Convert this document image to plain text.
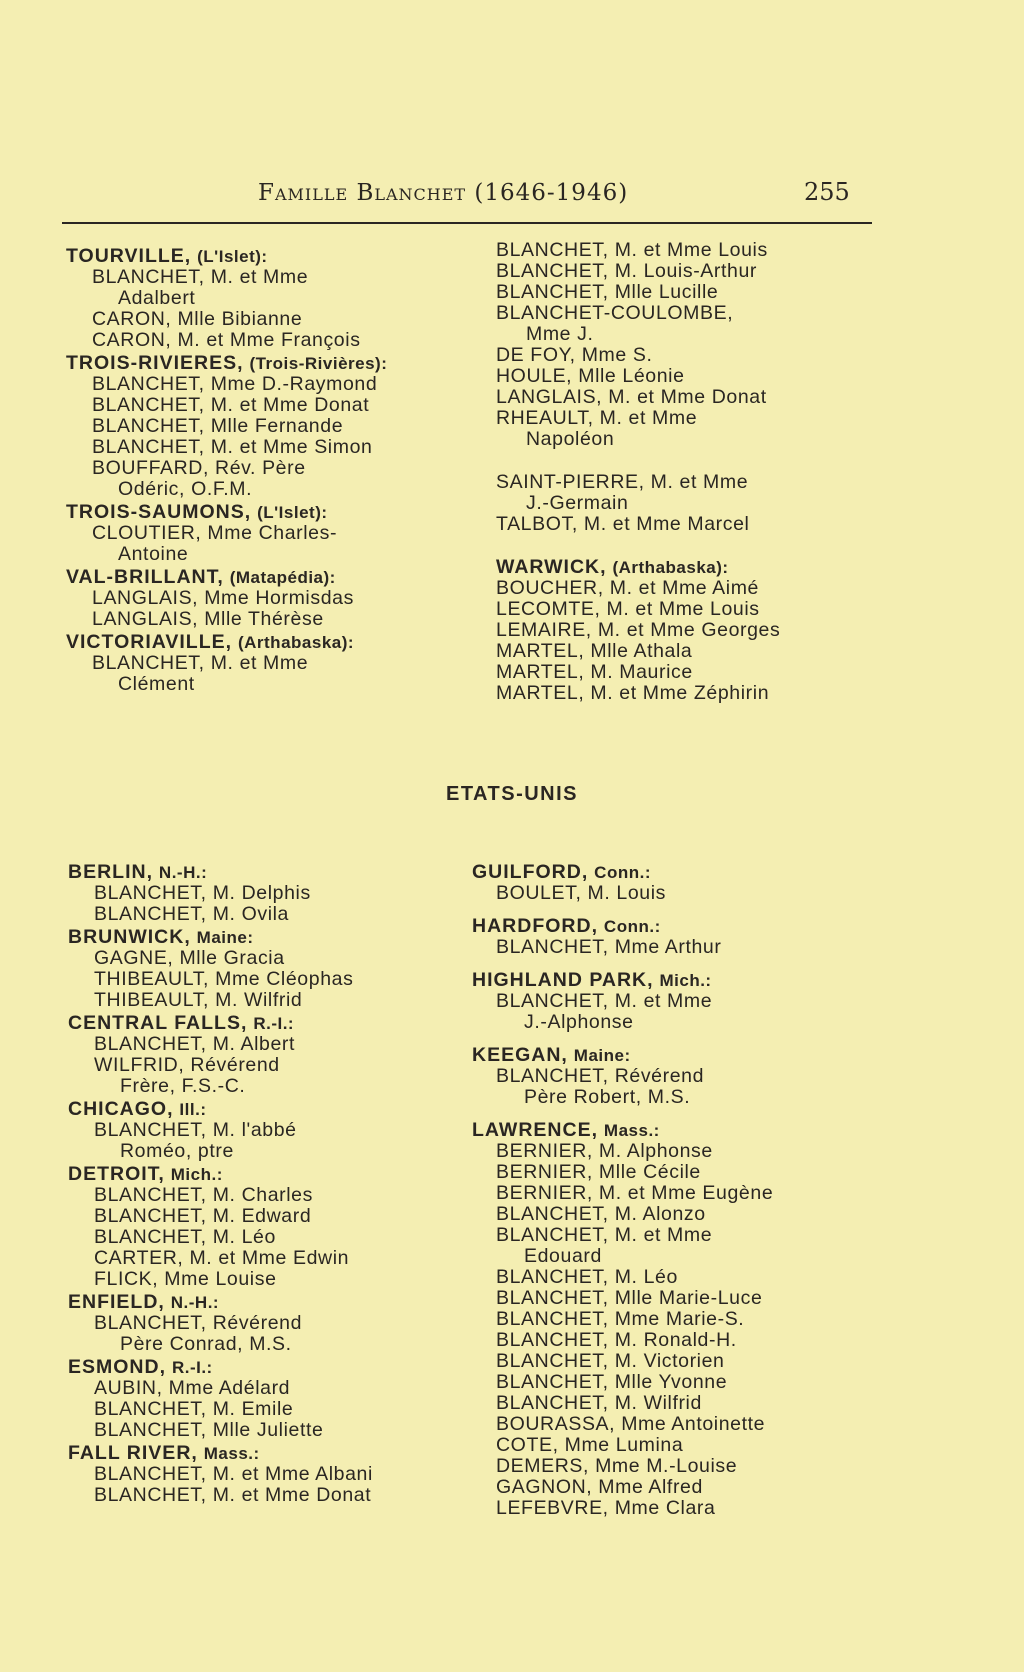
Famille Blanchet (1646-1946)	255
TOURVILLE, (L'Islet):
BLANCHET, M. et Mme
Adalbert
CARON, Mlle Bibianne
CARON, M. et Mme François
TROIS-RIVIERES, (Trois-Rivières):
BLANCHET, Mme D.-Raymond
BLANCHET, M. et Mme Donat
BLANCHET, Mlle Fernande
BLANCHET, M. et Mme Simon
BOUFFARD, Rév. Père
Odéric, O.F.M.
TROIS-SAUMONS, (L'Islet):
CLOUTIER, Mme Charles-
Antoine
VAL-BRILLANT, (Matapédia):
LANGLAIS, Mme Hormisdas
LANGLAIS, Mlle Thérèse
VICTORIAVILLE, (Arthabaska):
BLANCHET, M. et Mme
Clément
BLANCHET, M. et Mme Louis
BLANCHET, M. Louis-Arthur
BLANCHET, Mlle Lucille
BLANCHET-COULOMBE,
Mme J.
DE FOY, Mme S.
HOULE, Mlle Léonie
LANGLAIS, M. et Mme Donat
RHEAULT, M. et Mme
Napoléon
SAINT-PIERRE, M. et Mme
J.-Germain
TALBOT, M. et Mme Marcel
WARWICK, (Arthabaska):
BOUCHER, M. et Mme Aimé
LECOMTE, M. et Mme Louis
LEMAIRE, M. et Mme Georges
MARTEL, Mlle Athala
MARTEL, M. Maurice
MARTEL, M. et Mme Zéphirin
ETATS-UNIS
BERLIN, N.-H.:
BLANCHET, M. Delphis
BLANCHET, M. Ovila
BRUNWICK, Maine:
GAGNE, Mlle Gracia
THIBEAULT, Mme Cléophas
THIBEAULT, M. Wilfrid
CENTRAL FALLS, R.-I.:
BLANCHET, M. Albert
WILFRID, Révérend
Frère, F.S.-C.
CHICAGO, Ill.:
BLANCHET, M. l'abbé
Roméo, ptre
DETROIT, Mich.:
BLANCHET, M. Charles
BLANCHET, M. Edward
BLANCHET, M. Léo
CARTER, M. et Mme Edwin
FLICK, Mme Louise
ENFIELD, N.-H.:
BLANCHET, Révérend
Père Conrad, M.S.
ESMOND, R.-I.:
AUBIN, Mme Adélard
BLANCHET, M. Emile
BLANCHET, Mlle Juliette
FALL RIVER, Mass.:
BLANCHET, M. et Mme Albani
BLANCHET, M. et Mme Donat
GUILFORD, Conn.:
BOULET, M. Louis
HARDFORD, Conn.:
BLANCHET, Mme Arthur
HIGHLAND PARK, Mich.:
BLANCHET, M. et Mme
J.-Alphonse
KEEGAN, Maine:
BLANCHET, Révérend
Père Robert, M.S.
LAWRENCE, Mass.:
BERNIER, M. Alphonse
BERNIER, Mlle Cécile
BERNIER, M. et Mme Eugène
BLANCHET, M. Alonzo
BLANCHET, M. et Mme
Edouard
BLANCHET, M. Léo
BLANCHET, Mlle Marie-Luce
BLANCHET, Mme Marie-S.
BLANCHET, M. Ronald-H.
BLANCHET, M. Victorien
BLANCHET, Mlle Yvonne
BLANCHET, M. Wilfrid
BOURASSA, Mme Antoinette
COTE, Mme Lumina
DEMERS, Mme M.-Louise
GAGNON, Mme Alfred
LEFEBVRE, Mme Clara
